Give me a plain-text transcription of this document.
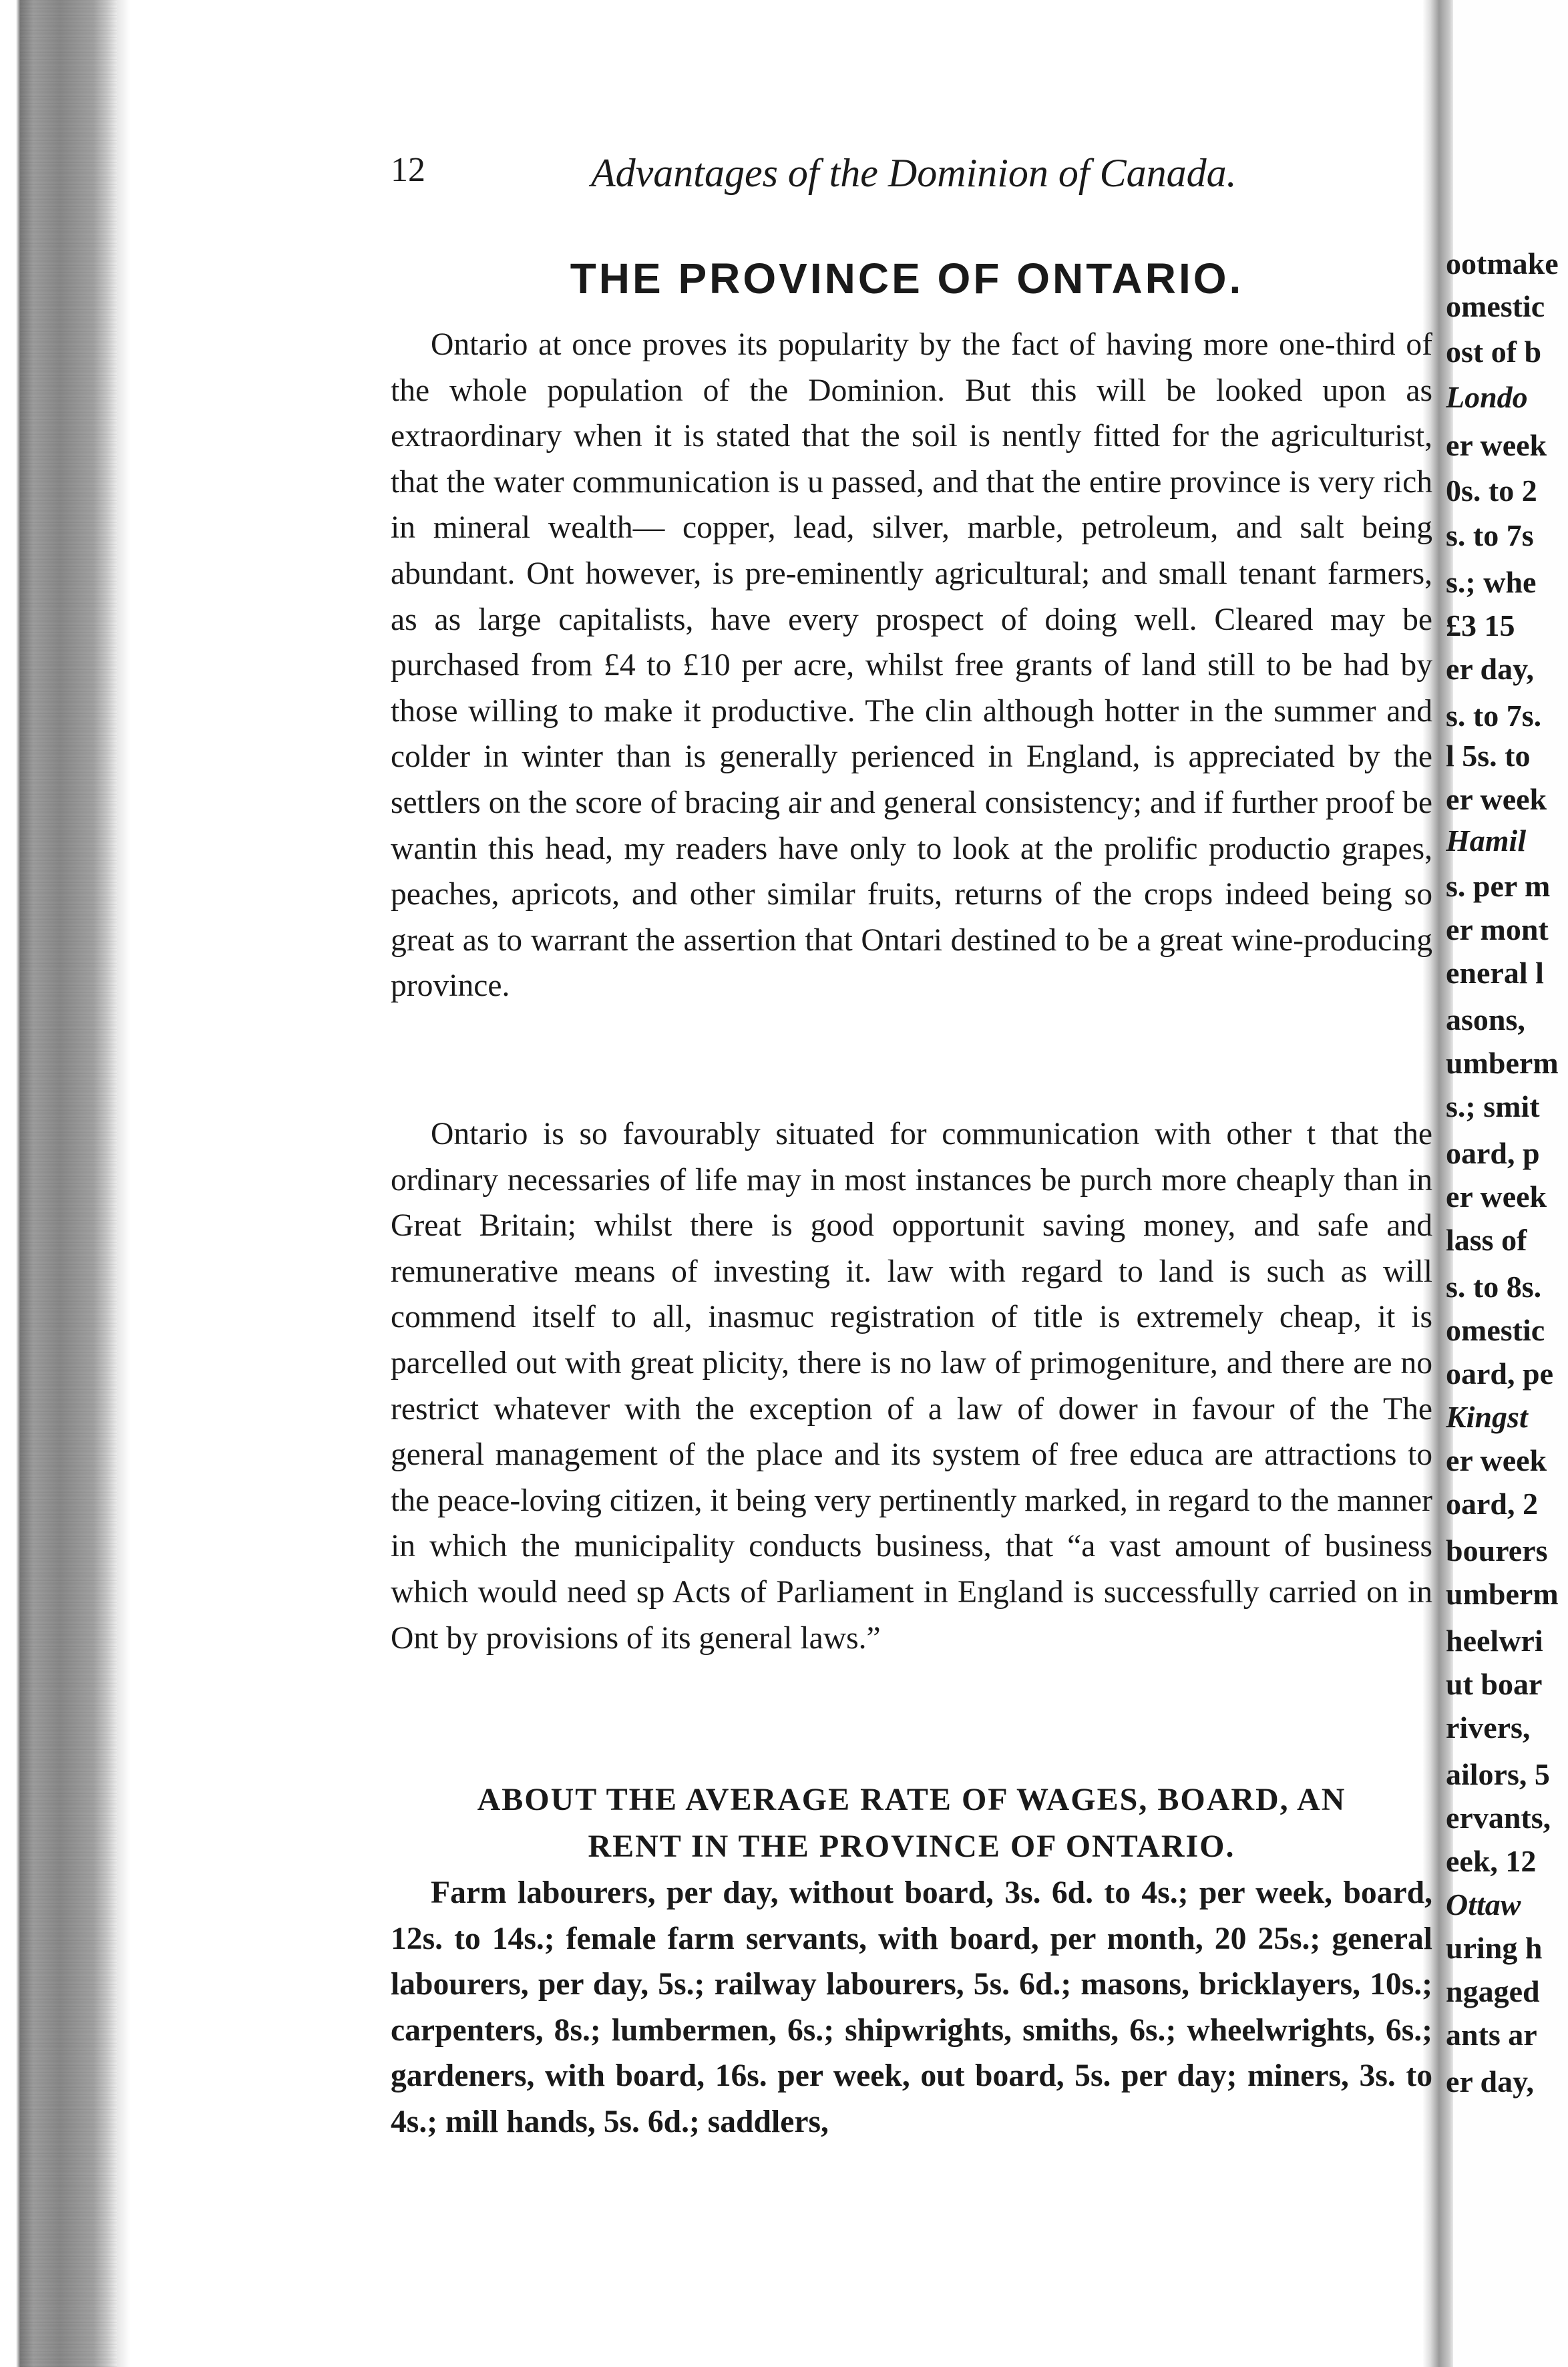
12	Advantages of the Dominion of Canada.
THE PROVINCE OF ONTARIO.

Ontario at once proves its popularity by the fact of having more one-third of the whole population of the Dominion. But this will be looked upon as extraordinary when it is stated that the soil is nently fitted for the agriculturist, that the water communication is u passed, and that the entire province is very rich in mineral wealth— copper, lead, silver, marble, petroleum, and salt being abundant. Ont however, is pre-eminently agricultural; and small tenant farmers, as as large capitalists, have every prospect of doing well. Cleared may be purchased from £4 to £10 per acre, whilst free grants of land still to be had by those willing to make it productive. The clin although hotter in the summer and colder in winter than is generally perienced in England, is appreciated by the settlers on the score of bracing air and general consistency; and if further proof be wantin this head, my readers have only to look at the prolific productio grapes, peaches, apricots, and other similar fruits, returns of the crops indeed being so great as to warrant the assertion that Ontari destined to be a great wine-producing province.

Ontario is so favourably situated for communication with other t that the ordinary necessaries of life may in most instances be purch more cheaply than in Great Britain; whilst there is good opportunit saving money, and safe and remunerative means of investing it. law with regard to land is such as will commend itself to all, inasmuc registration of title is extremely cheap, it is parcelled out with great plicity, there is no law of primogeniture, and there are no restrict whatever with the exception of a law of dower in favour of the The general management of the place and its system of free educa are attractions to the peace-loving citizen, it being very pertinently marked, in regard to the manner in which the municipality conducts business, that “a vast amount of business which would need sp Acts of Parliament in England is successfully carried on in Ont by provisions of its general laws.”

ABOUT THE AVERAGE RATE OF WAGES, BOARD, AN
RENT IN THE PROVINCE OF ONTARIO.

Farm labourers, per day, without board, 3s. 6d. to 4s.; per week, board, 12s. to 14s.; female farm servants, with board, per month, 20 25s.; general labourers, per day, 5s.; railway labourers, 5s. 6d.; masons, bricklayers, 10s.; carpenters, 8s.; lumbermen, 6s.; shipwrights, smiths, 6s.; wheelwrights, 6s.; gardeners, with board, 16s. per week, out board, 5s. per day; miners, 3s. to 4s.; mill hands, 5s. 6d.; saddlers,

ootmake
omestic
ost of b
Londo
er week
0s. to 2
s. to 7s
s.; whe
£3 15
er day,
s. to 7s.
l 5s. to
er week
Hamil
s. per m
er mont
eneral l
asons,
umberm
s.; smit
oard, p
er week
lass of
s. to 8s.
omestic
oard, pe
Kingst
er week
oard, 2
bourers
umberm
heelwri
ut boar
rivers,
ailors, 5
ervants,
eek, 12
Ottaw
uring h
ngaged
ants ar
er day,
